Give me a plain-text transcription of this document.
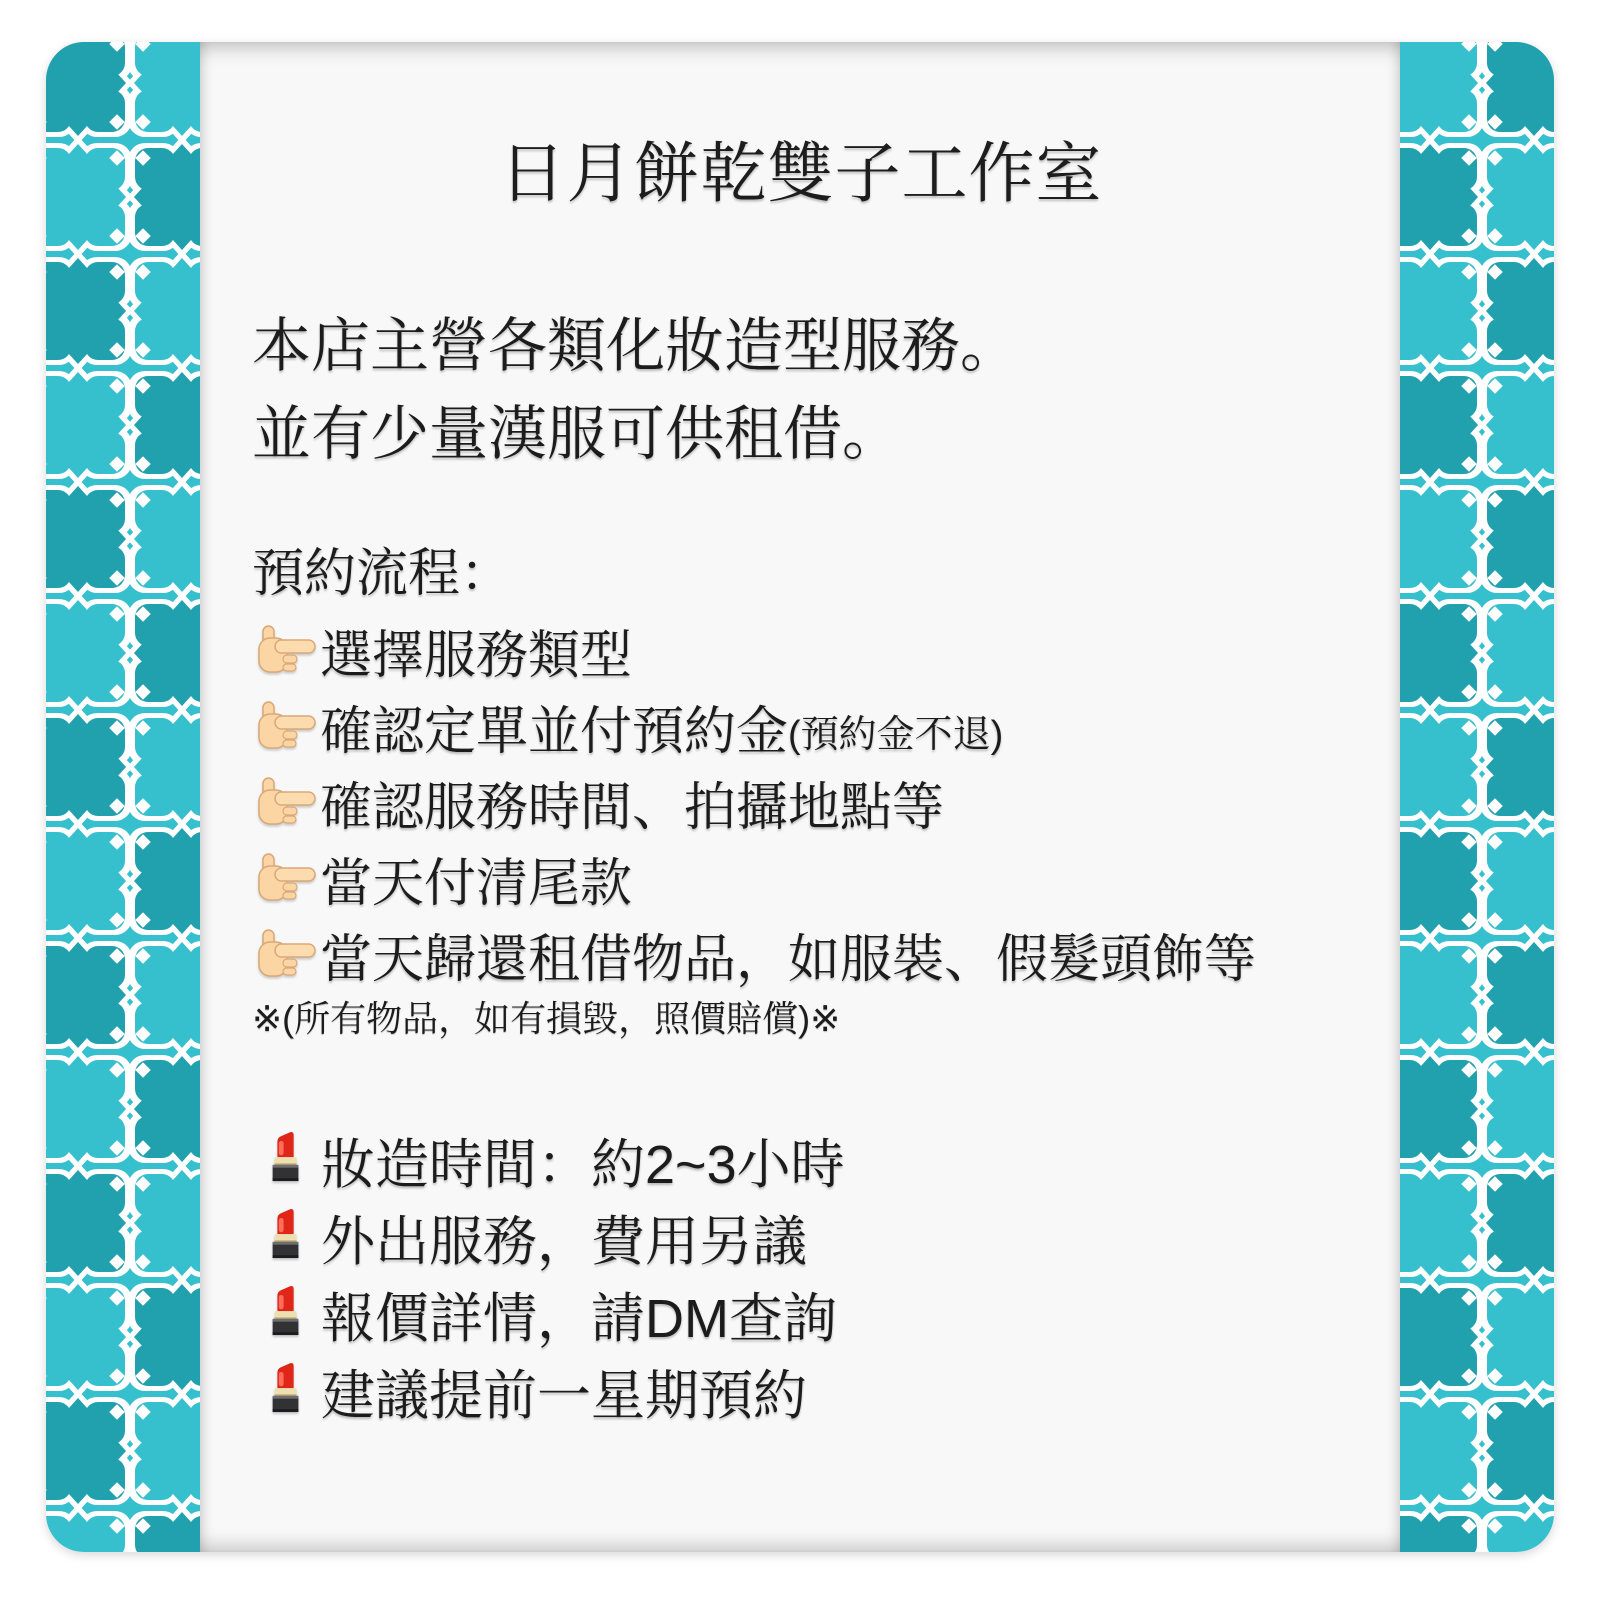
日月餅乾雙子工作室
本店主營各類化妝造型服務。
並有少量漢服可供租借。
預約流程：
選擇服務類型
確認定單並付預約金 (預約金不退)
確認服務時間、拍攝地點等
當天付清尾款
當天歸還租借物品，如服裝、假髮頭飾等
※(所有物品，如有損毀，照價賠償)※
妝造時間：約2~3小時
外出服務，費用另議
報價詳情，請DM查詢
建議提前一星期預約
